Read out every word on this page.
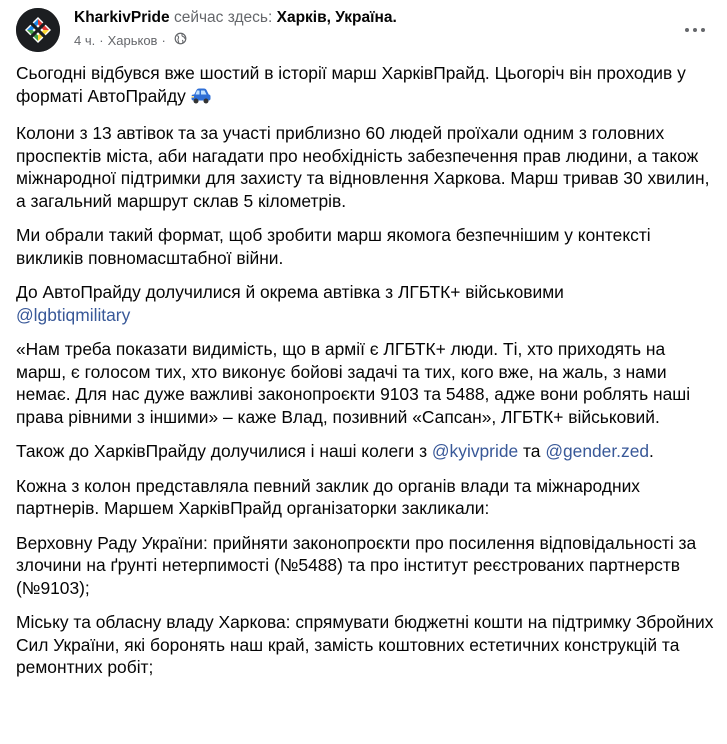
KharkivPride сейчас здесь: Харків, Україна.
4 ч. · Харьков ·

Сьогодні відбувся вже шостий в історії марш ХарківПрайд. Цьогоріч він проходив у форматі АвтоПрайду

Колони з 13 автівок та за участі приблизно 60 людей проїхали одним з головних проспектів міста, аби нагадати про необхідність забезпечення прав людини, а також міжнародної підтримки для захисту та відновлення Харкова. Марш тривав 30 хвилин, а загальний маршрут склав 5 кілометрів.

Ми обрали такий формат, щоб зробити марш якомога безпечнішим у контексті викликів повномасштабної війни.

До АвтоПрайду долучилися й окрема автівка з ЛГБТК+ військовими
@lgbtiqmilitary

«Нам треба показати видимість, що в армії є ЛГБТК+ люди. Ті, хто приходять на марш, є голосом тих, хто виконує бойові задачі та тих, кого вже, на жаль, з нами немає. Для нас дуже важливі законопроєкти 9103 та 5488, адже вони роблять наші права рівними з іншими» – каже Влад, позивний «Сапсан», ЛГБТК+ військовий.

Також до ХарківПрайду долучилися і наші колеги з @kyivpride та @gender.zed.

Кожна з колон представляла певний заклик до органів влади та міжнародних партнерів. Маршем ХарківПрайд організаторки закликали:

Верховну Раду України: прийняти законопроєкти про посилення відповідальності за злочини на ґрунті нетерпимості (№5488) та про інститут реєстрованих партнерств (№9103);

Міську та обласну владу Харкова: спрямувати бюджетні кошти на підтримку Збройних Сил України, які боронять наш край, замість коштовних естетичних конструкцій та ремонтних робіт;
